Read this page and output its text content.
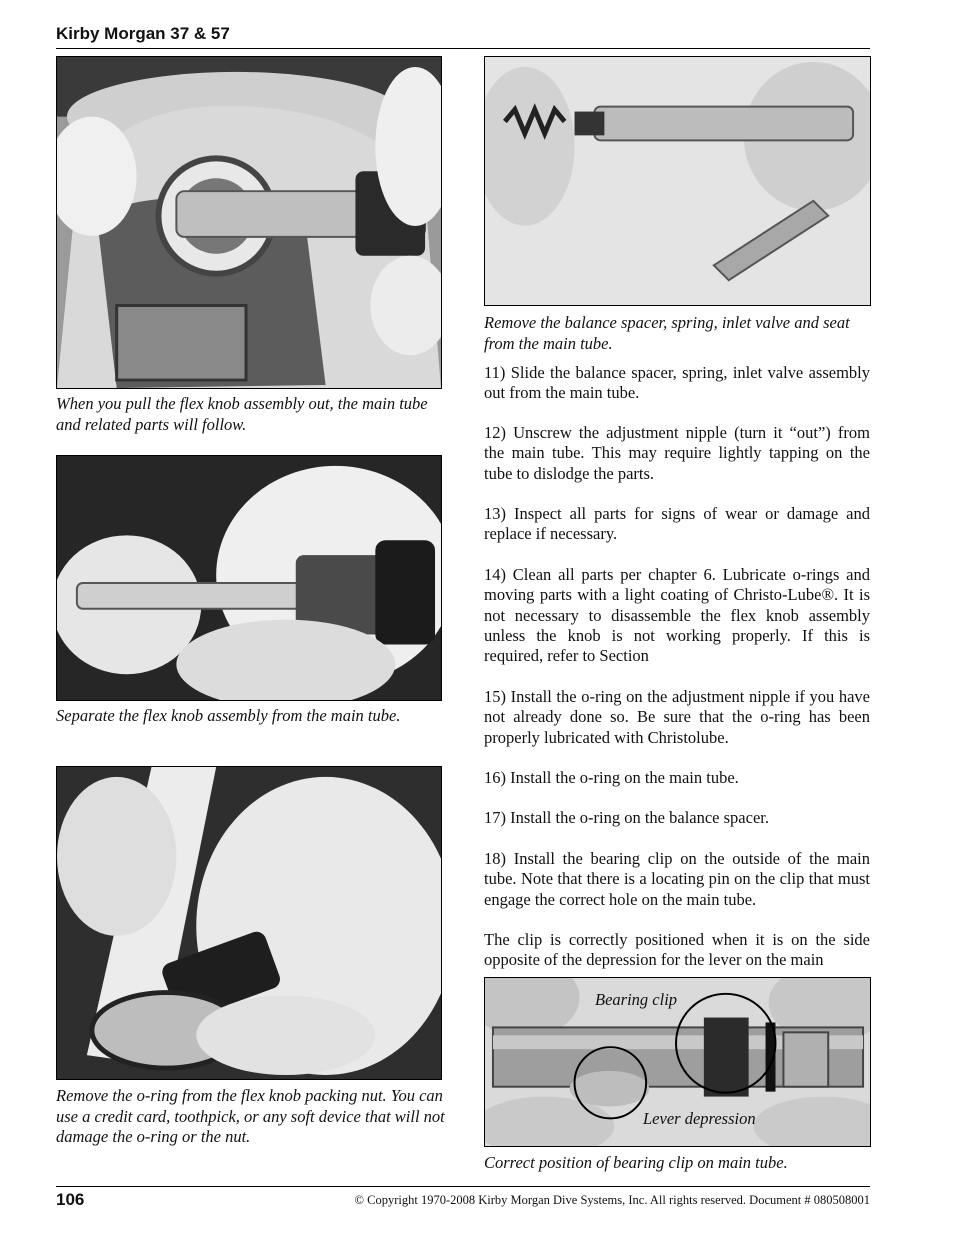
Kirby Morgan 37 & 57
When you pull the flex knob assembly out, the main tube and related parts will follow.
Separate the flex knob assembly from the main tube.
Remove the o-ring from the flex knob packing nut. You can use a credit card, toothpick, or any soft device that will not damage the o-ring or the nut.
Remove the balance spacer, spring, inlet valve and seat from the main tube.

11) Slide the balance spacer, spring, inlet valve assembly out from the main tube.

12) Unscrew the adjustment nipple (turn it “out”) from the main tube. This may require lightly tapping on the tube to dislodge the parts.

13) Inspect all parts for signs of wear or damage and replace if necessary.

14) Clean all parts per chapter 6. Lubricate o-rings and moving parts with a light coating of Christo-Lube®. It is not necessary to disassemble the flex knob assembly unless the knob is not working properly. If this is required, refer to Section

15) Install the o-ring on the adjustment nipple if you have not already done so. Be sure that the o-ring has been properly lubricated with Christolube.

16) Install the o-ring on the main tube.

17) Install the o-ring on the balance spacer.

18) Install the bearing clip on the outside of the main tube. Note that there is a locating pin on the clip that must engage the correct hole on the main tube.

The clip is correctly positioned when it is on the side opposite of the depression for the lever on the main

Bearing clip
Lever depression
Correct position of bearing clip on main tube.
106	© Copyright 1970-2008 Kirby Morgan Dive Systems, Inc. All rights reserved. Document # 080508001
